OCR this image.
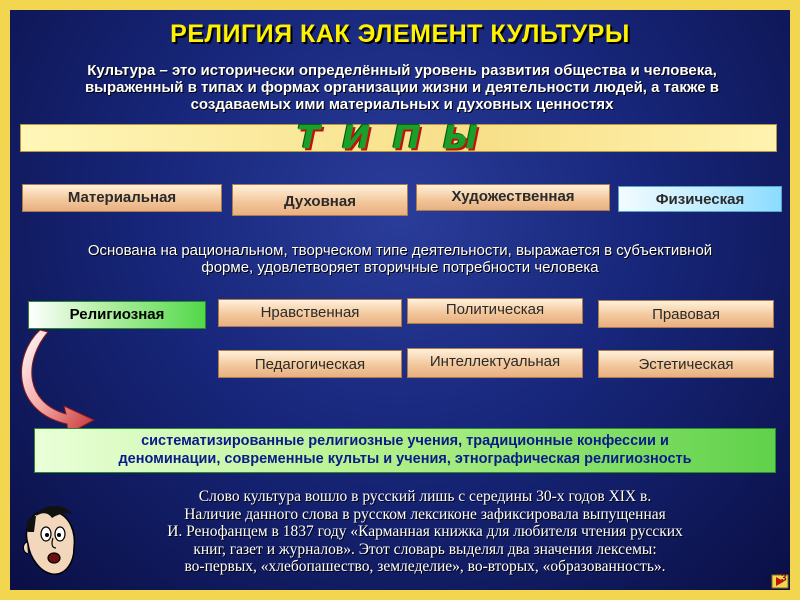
РЕЛИГИЯ КАК ЭЛЕМЕНТ КУЛЬТУРЫ
Культура – это исторически определённый уровень развития общества и человека,
выраженный в типах и формах организации жизни и деятельности людей, а также в
создаваемых ими материальных и духовных ценностях
ТИПЫ
Материальная	Духовная	Художественная	Физическая
Основана на рациональном, творческом типе деятельности, выражается в субъективной
форме, удовлетворяет вторичные потребности человека
Религиозная	Нравственная	Политическая	Правовая
Педагогическая	Интеллектуальная	Эстетическая
систематизированные религиозные учения, традиционные конфессии и
деноминации, современные культы и учения, этнографическая религиозность
Слово культура вошло в русский лишь с середины 30-х годов XIX в.
Наличие данного слова в русском лексиконе зафиксировала выпущенная
И. Ренофанцем в 1837 году «Карманная книжка для любителя чтения русских
книг, газет и журналов». Этот словарь выделял два значения лексемы:
во-первых, «хлебопашество, земледелие», во-вторых, «образованность».
3
